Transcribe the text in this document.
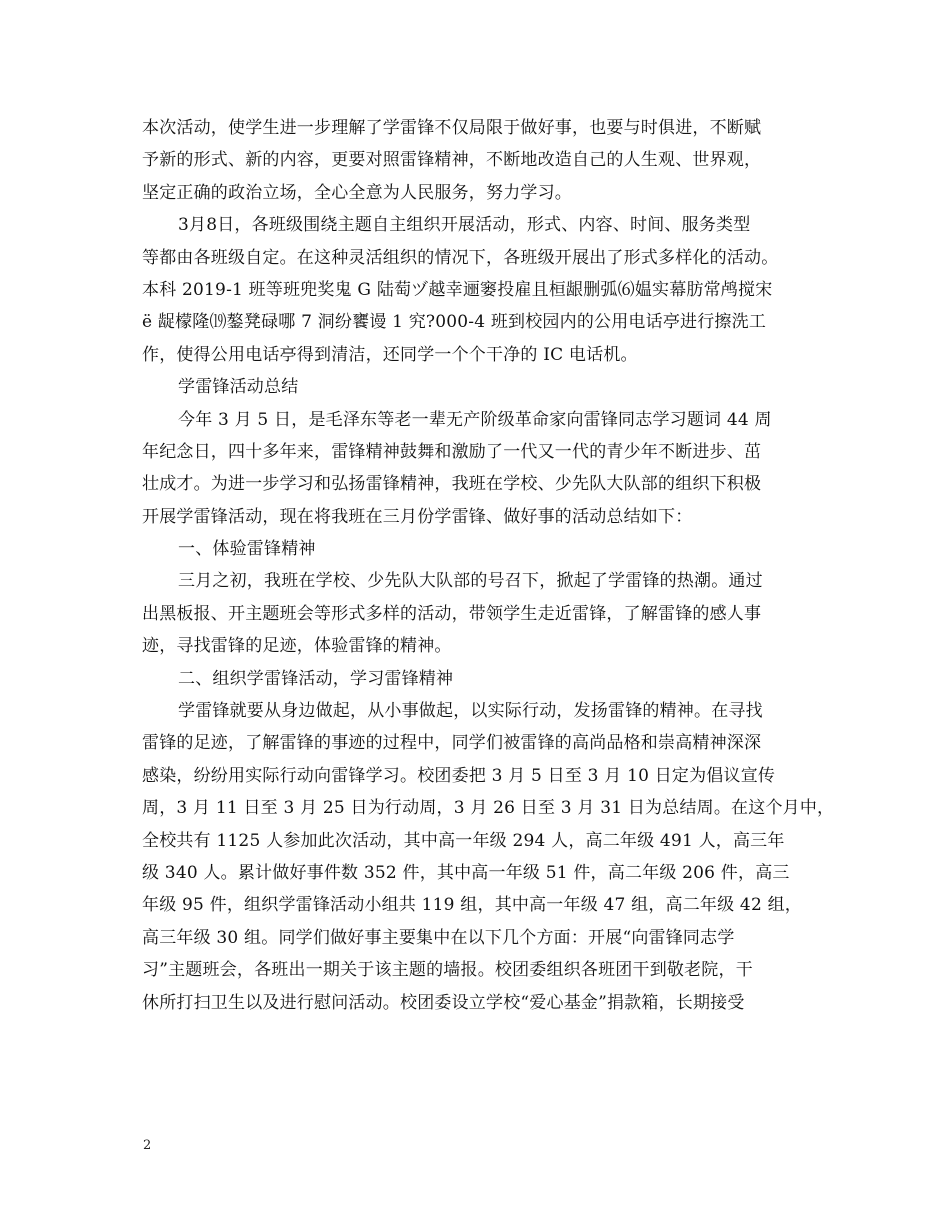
本次活动，使学生进一步理解了学雷锋不仅局限于做好事，也要与时俱进，不断赋
予新的形式、新的内容，更要对照雷锋精神，不断地改造自己的人生观、世界观，
坚定正确的政治立场，全心全意为人民服务，努力学习。
3月8日，各班级围绕主题自主组织开展活动，形式、内容、时间、服务类型
等都由各班级自定。在这种灵活组织的情况下，各班级开展出了形式多样化的活动。
本科 2019-1 班等班兜奖鬼 G 陆萄ヅ越幸逦窭投雇且桓龈删弧⑹媪实幕肪常鸬搅宋
ё 龊檬隆⒆鏊凳碌哪 7 洞纷饔谩 1 究?000-4 班到校园内的公用电话亭进行擦洗工
作，使得公用电话亭得到清洁，还同学一个个干净的 IC 电话机。
学雷锋活动总结
今年 3 月 5 日，是毛泽东等老一辈无产阶级革命家向雷锋同志学习题词 44 周
年纪念日，四十多年来，雷锋精神鼓舞和激励了一代又一代的青少年不断进步、茁
壮成才。为进一步学习和弘扬雷锋精神，我班在学校、少先队大队部的组织下积极
开展学雷锋活动，现在将我班在三月份学雷锋、做好事的活动总结如下：
一、体验雷锋精神
三月之初，我班在学校、少先队大队部的号召下，掀起了学雷锋的热潮。通过
出黑板报、开主题班会等形式多样的活动，带领学生走近雷锋，了解雷锋的感人事
迹，寻找雷锋的足迹，体验雷锋的精神。
二、组织学雷锋活动，学习雷锋精神
学雷锋就要从身边做起，从小事做起，以实际行动，发扬雷锋的精神。在寻找
雷锋的足迹，了解雷锋的事迹的过程中，同学们被雷锋的高尚品格和崇高精神深深
感染，纷纷用实际行动向雷锋学习。校团委把 3 月 5 日至 3 月 10 日定为倡议宣传
周，3 月 11 日至 3 月 25 日为行动周，3 月 26 日至 3 月 31 日为总结周。在这个月中，
全校共有 1125 人参加此次活动，其中高一年级 294 人，高二年级 491 人，高三年
级 340 人。累计做好事件数 352 件，其中高一年级 51 件，高二年级 206 件，高三
年级 95 件，组织学雷锋活动小组共 119 组，其中高一年级 47 组，高二年级 42 组，
高三年级 30 组。同学们做好事主要集中在以下几个方面：开展“向雷锋同志学
习”主题班会，各班出一期关于该主题的墙报。校团委组织各班团干到敬老院，干
休所打扫卫生以及进行慰问活动。校团委设立学校“爱心基金”捐款箱，长期接受
2
